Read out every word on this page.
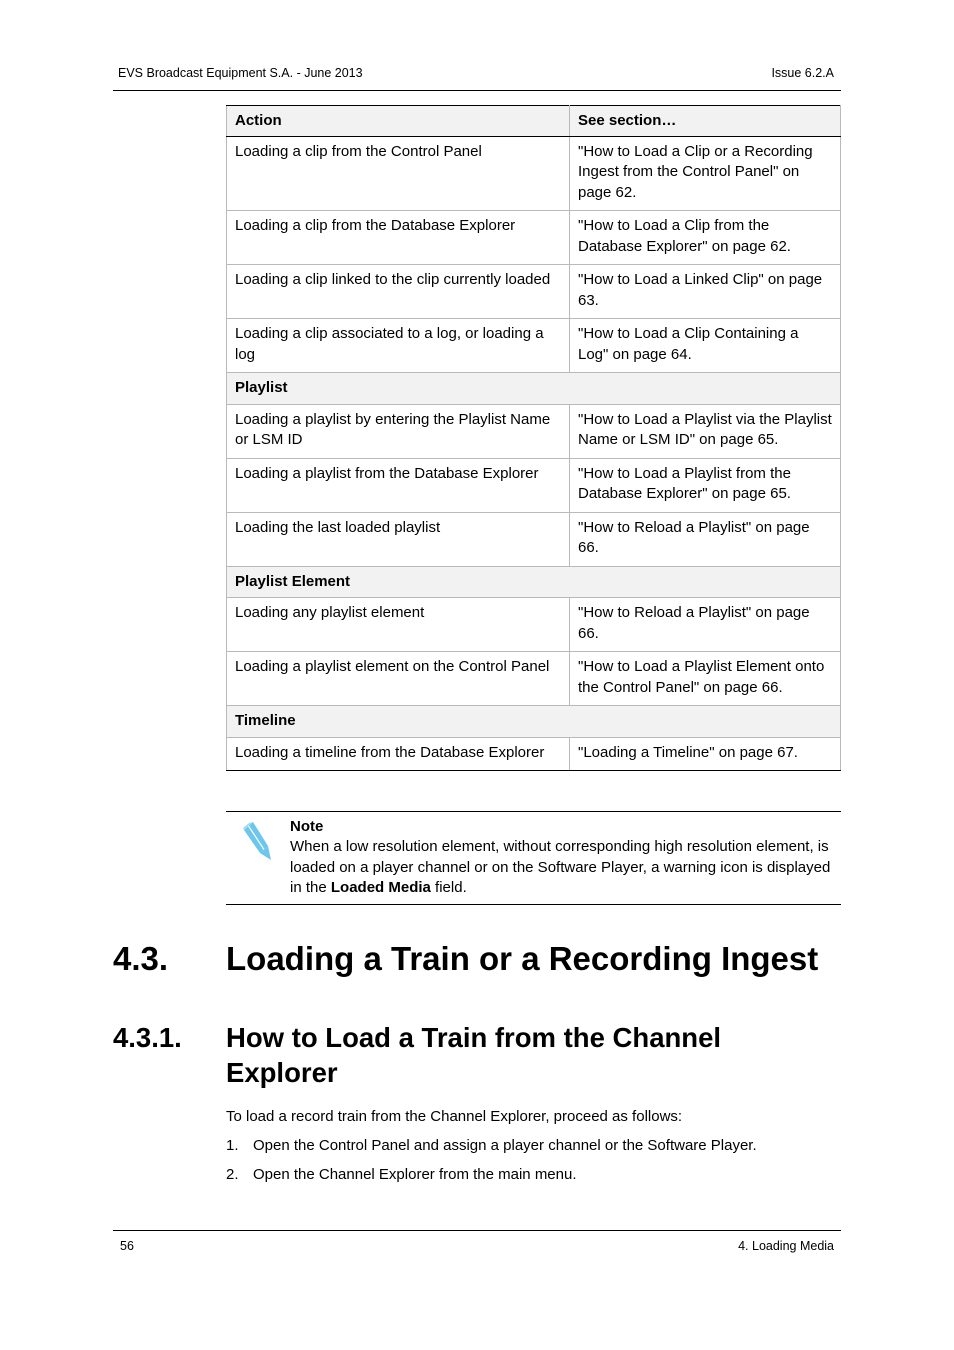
EVS Broadcast Equipment S.A. - June 2013	Issue 6.2.A
Action	See section…
Loading a clip from the Control Panel	"How to Load a Clip or a Recording Ingest from the Control Panel" on page 62.
Loading a clip from the Database Explorer	"How to Load a Clip from the Database Explorer" on page 62.
Loading a clip linked to the clip currently loaded	"How to Load a Linked Clip" on page 63.
Loading a clip associated to a log, or loading a log	"How to Load a Clip Containing a Log" on page 64.
Playlist	
Loading a playlist by entering the Playlist Name or LSM ID	"How to Load a Playlist via the Playlist Name or LSM ID" on page 65.
Loading a playlist from the Database Explorer	"How to Load a Playlist from the Database Explorer" on page 65.
Loading the last loaded playlist	"How to Reload a Playlist" on page 66.
Playlist Element	
Loading any playlist element	"How to Reload a Playlist" on page 66.
Loading a playlist element on the Control Panel	"How to Load a Playlist Element onto the Control Panel" on page 66.
Timeline	
Loading a timeline from the Database Explorer	"Loading a Timeline" on page 67.
Note
When a low resolution element, without corresponding high resolution element, is loaded on a player channel or on the Software Player, a warning icon is displayed in the Loaded Media field.
4.3. Loading a Train or a Recording Ingest
4.3.1. How to Load a Train from the Channel Explorer
To load a record train from the Channel Explorer, proceed as follows:
1. Open the Control Panel and assign a player channel or the Software Player.
2. Open the Channel Explorer from the main menu.
56	4. Loading Media
